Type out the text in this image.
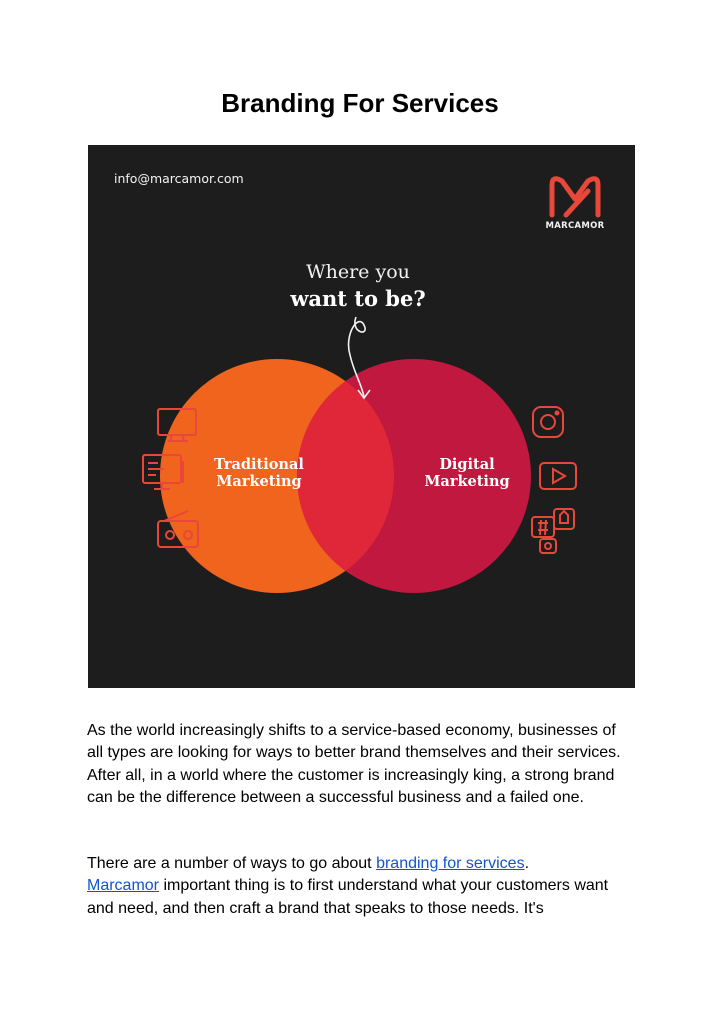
Branding For Services
info@marcamor.com
MARCAMOR
Where you
want to be?
Traditional
Marketing
Digital
Marketing

As the world increasingly shifts to a service-based economy, businesses of all types are looking for ways to better brand themselves and their services. After all, in a world where the customer is increasingly king, a strong brand can be the difference between a successful business and a failed one.

There are a number of ways to go about branding for services.
Marcamor important thing is to first understand what your customers want and need, and then craft a brand that speaks to those needs. It's
